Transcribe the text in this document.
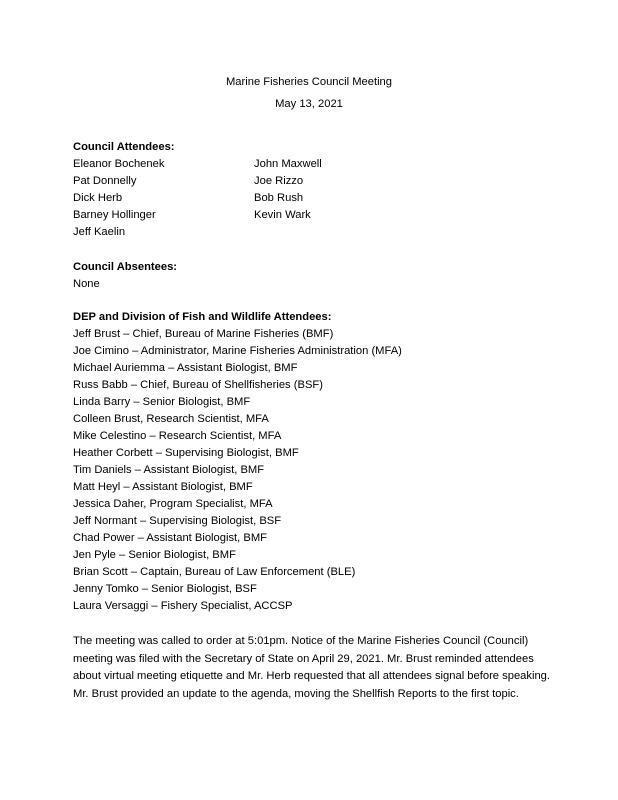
Marine Fisheries Council Meeting
May 13, 2021
Council Attendees:
Eleanor Bochenek
Pat Donnelly
Dick Herb
Barney Hollinger
Jeff Kaelin
John Maxwell
Joe Rizzo
Bob Rush
Kevin Wark
Council Absentees:
None
DEP and Division of Fish and Wildlife Attendees:
Jeff Brust – Chief, Bureau of Marine Fisheries (BMF)
Joe Cimino – Administrator, Marine Fisheries Administration (MFA)
Michael Auriemma – Assistant Biologist, BMF
Russ Babb – Chief, Bureau of Shellfisheries (BSF)
Linda Barry – Senior Biologist, BMF
Colleen Brust, Research Scientist, MFA
Mike Celestino – Research Scientist, MFA
Heather Corbett – Supervising Biologist, BMF
Tim Daniels – Assistant Biologist, BMF
Matt Heyl – Assistant Biologist, BMF
Jessica Daher, Program Specialist, MFA
Jeff Normant – Supervising Biologist, BSF
Chad Power – Assistant Biologist, BMF
Jen Pyle – Senior Biologist, BMF
Brian Scott – Captain, Bureau of Law Enforcement (BLE)
Jenny Tomko – Senior Biologist, BSF
Laura Versaggi – Fishery Specialist, ACCSP
The meeting was called to order at 5:01pm. Notice of the Marine Fisheries Council (Council) meeting was filed with the Secretary of State on April 29, 2021. Mr. Brust reminded attendees about virtual meeting etiquette and Mr. Herb requested that all attendees signal before speaking. Mr. Brust provided an update to the agenda, moving the Shellfish Reports to the first topic.
